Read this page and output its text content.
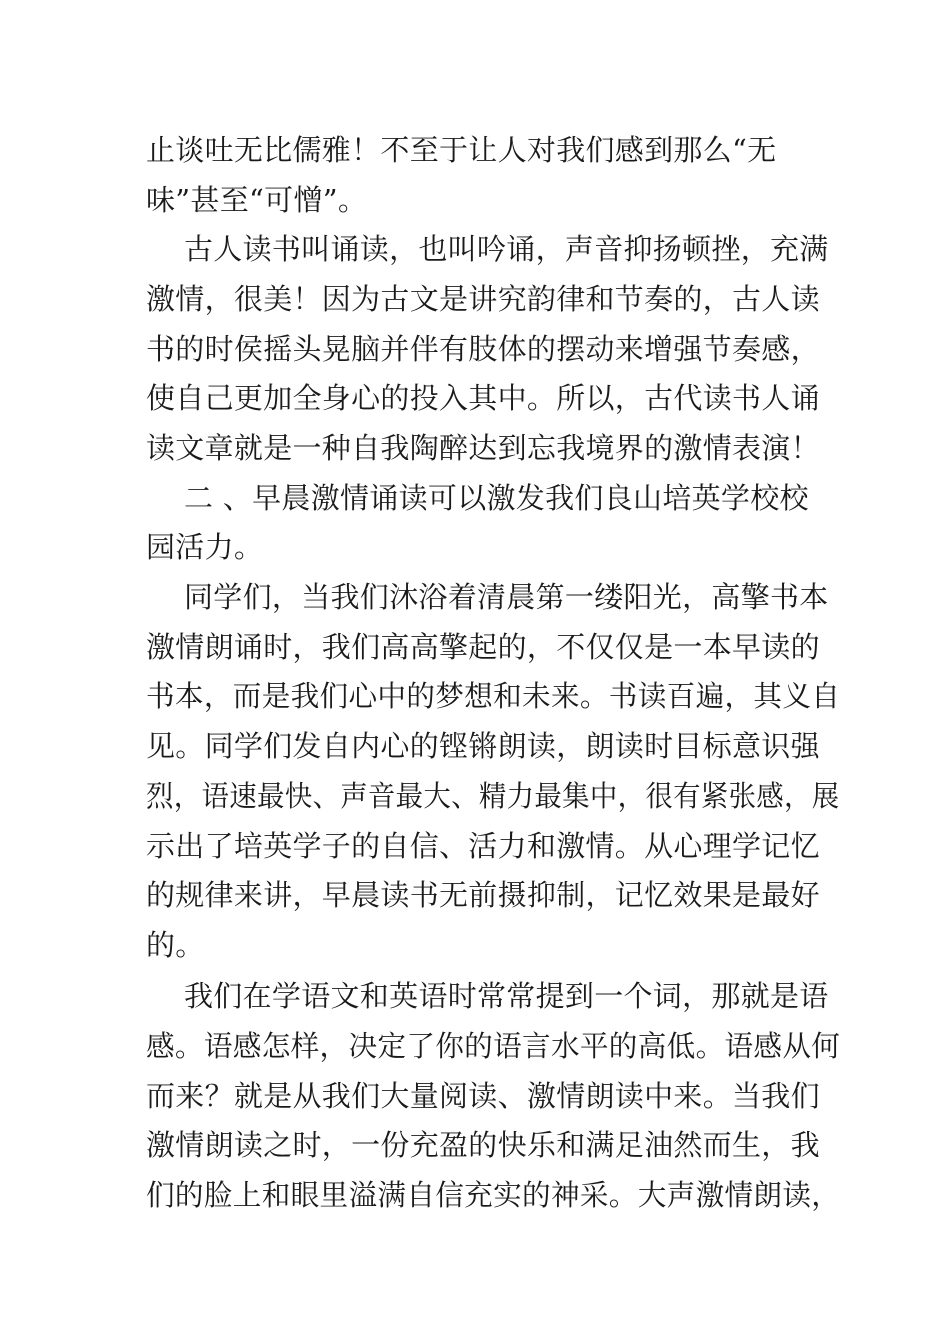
止谈吐无比儒雅！不至于让人对我们感到那么“无

味”甚至“可憎”。

古人读书叫诵读，也叫吟诵，声音抑扬顿挫，充满

激情，很美！因为古文是讲究韵律和节奏的，古人读

书的时侯摇头晃脑并伴有肢体的摆动来增强节奏感，

使自己更加全身心的投入其中。所以，古代读书人诵

读文章就是一种自我陶醉达到忘我境界的激情表演！

二 、早晨激情诵读可以激发我们良山培英学校校

园活力。

同学们，当我们沐浴着清晨第一缕阳光，高擎书本

激情朗诵时，我们高高擎起的，不仅仅是一本早读的

书本，而是我们心中的梦想和未来。书读百遍，其义自

见。同学们发自内心的铿锵朗读，朗读时目标意识强

烈，语速最快、声音最大、精力最集中，很有紧张感，展

示出了培英学子的自信、活力和激情。从心理学记忆

的规律来讲，早晨读书无前摄抑制，记忆效果是最好

的。

我们在学语文和英语时常常提到一个词，那就是语

感。语感怎样，决定了你的语言水平的高低。语感从何

而来？就是从我们大量阅读、激情朗读中来。当我们

激情朗读之时，一份充盈的快乐和满足油然而生，我

们的脸上和眼里溢满自信充实的神采。大声激情朗读，
